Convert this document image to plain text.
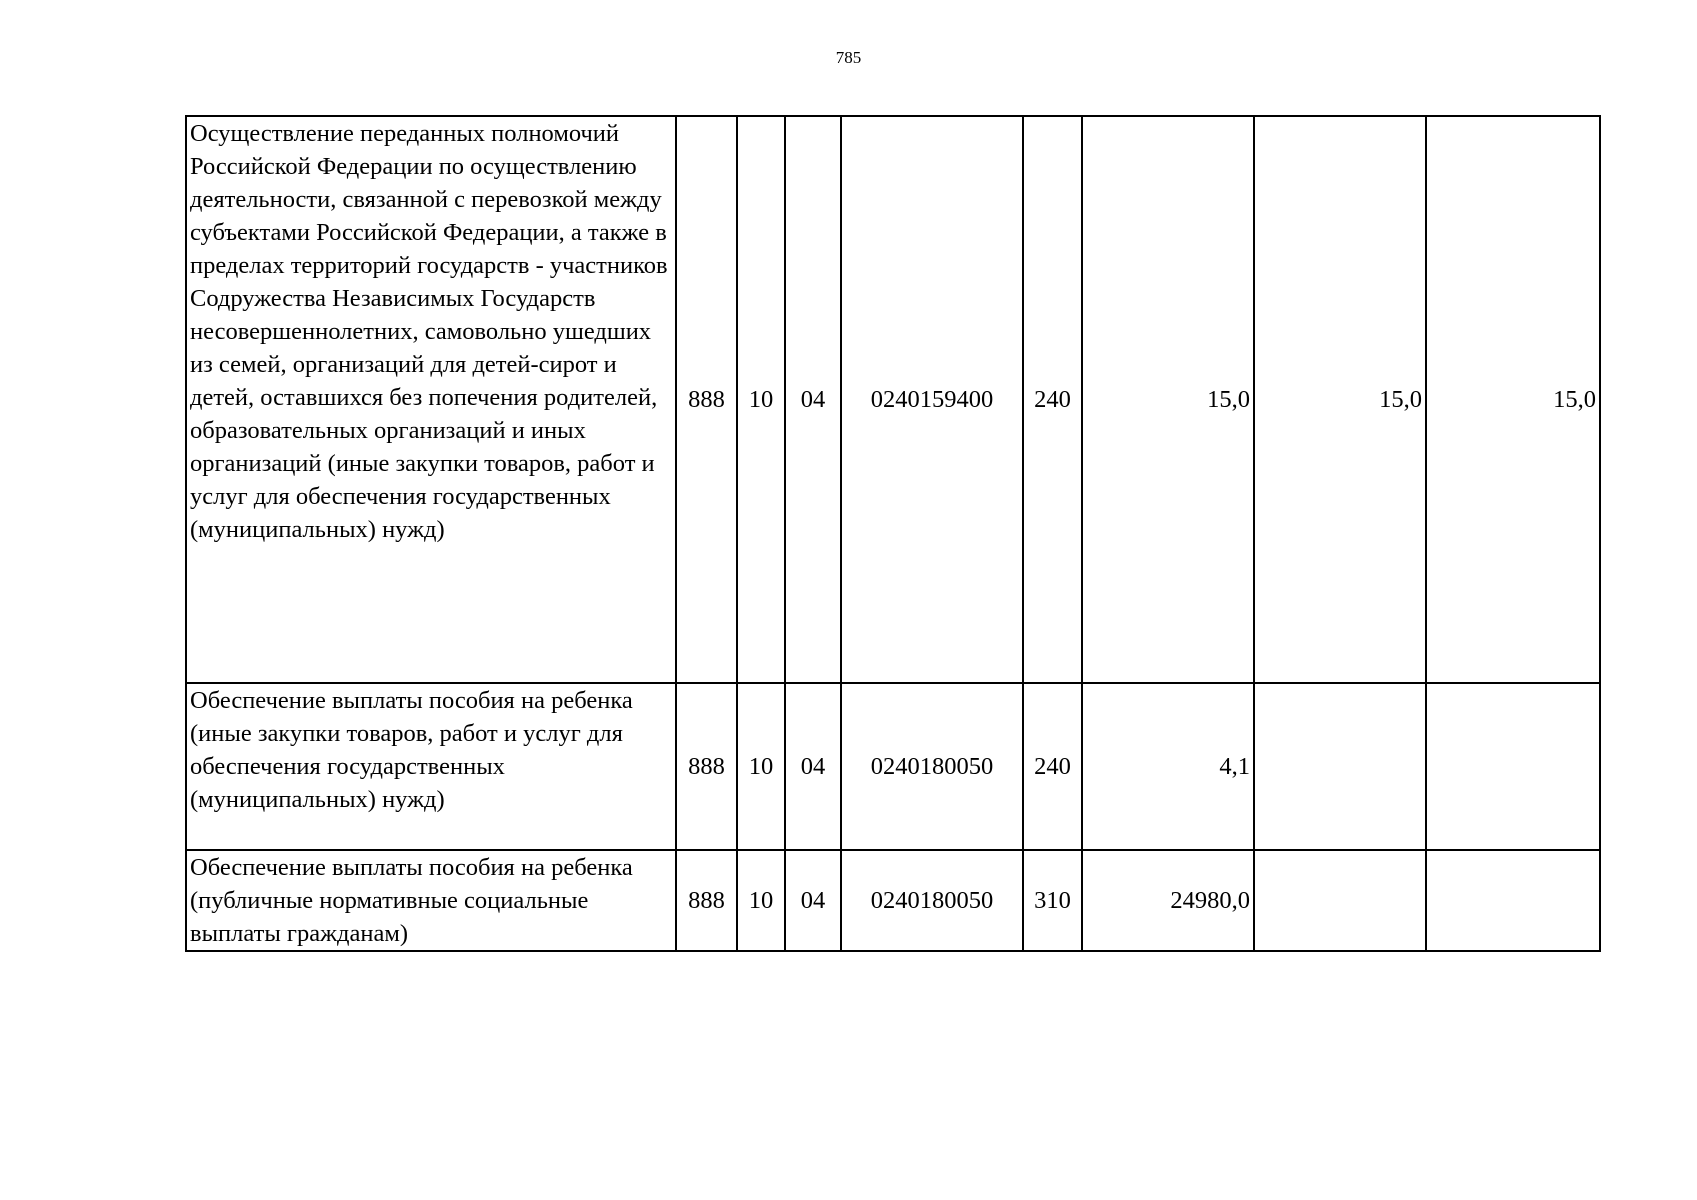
785
Осуществление переданных полномочий Российской Федерации по осуществлению деятельности, связанной с перевозкой между субъектами Российской Федерации, а также в пределах территорий государств - участников Содружества Независимых Государств несовершеннолетних, самовольно ушедших из семей, организаций для детей-сирот и детей, оставшихся без попечения родителей, образовательных организаций и иных организаций (иные закупки товаров, работ и услуг для обеспечения государственных (муниципальных) нужд)	888	10	04	0240159400	240	15,0	15,0	15,0
Обеспечение выплаты пособия на ребенка (иные закупки товаров, работ и услуг для обеспечения государственных (муниципальных) нужд)	888	10	04	0240180050	240	4,1		
Обеспечение выплаты пособия на ребенка (публичные нормативные социальные выплаты гражданам)	888	10	04	0240180050	310	24980,0		
